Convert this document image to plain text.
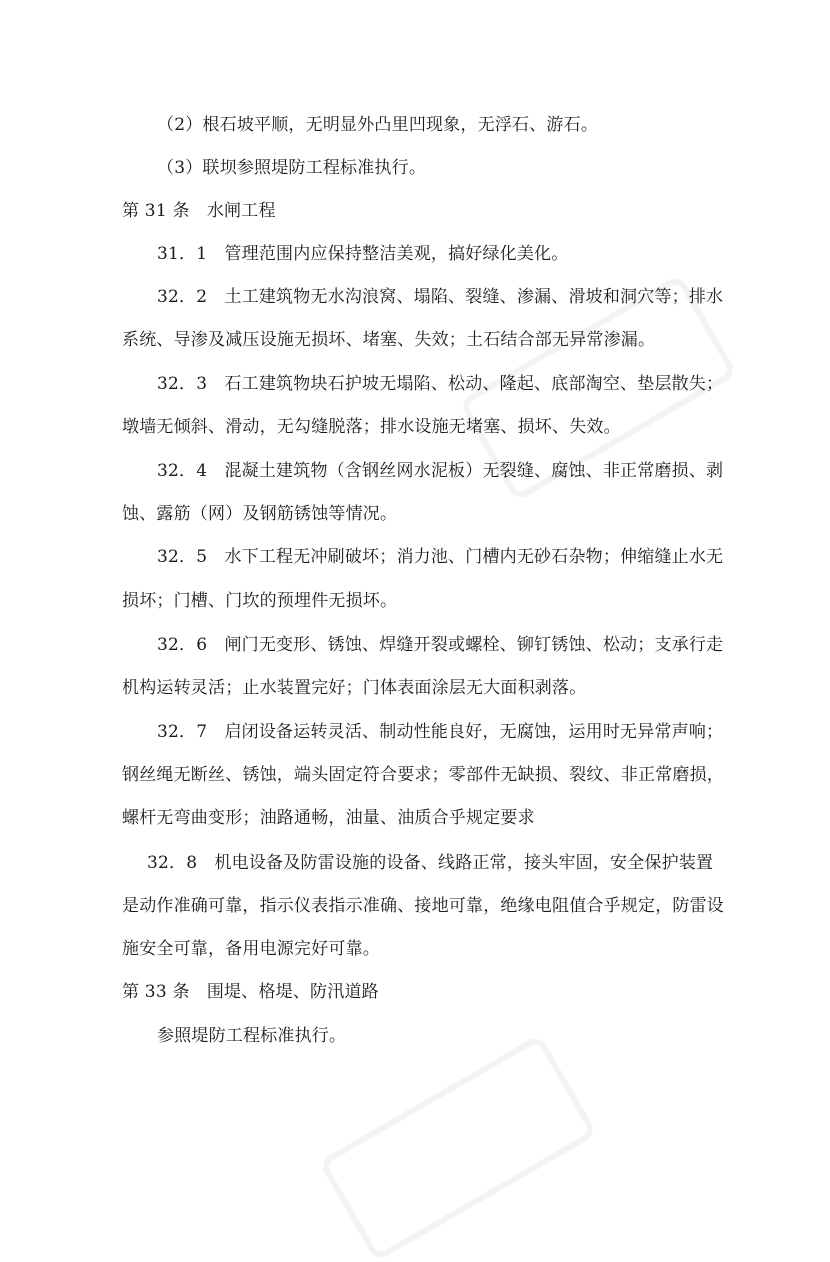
（2）根石坡平顺，无明显外凸里凹现象，无浮石、游石。
（3）联坝参照堤防工程标准执行。
第 31 条　水闸工程
31．1　管理范围内应保持整洁美观，搞好绿化美化。
32．2　土工建筑物无水沟浪窝、塌陷、裂缝、渗漏、滑坡和洞穴等；排水
系统、导渗及减压设施无损坏、堵塞、失效；土石结合部无异常渗漏。
32．3　石工建筑物块石护坡无塌陷、松动、隆起、底部淘空、垫层散失；
墩墙无倾斜、滑动，无勾缝脱落；排水设施无堵塞、损坏、失效。
32．4　混凝土建筑物（含钢丝网水泥板）无裂缝、腐蚀、非正常磨损、剥
蚀、露筋（网）及钢筋锈蚀等情况。
32．5　水下工程无冲刷破坏；消力池、门槽内无砂石杂物；伸缩缝止水无
损坏；门槽、门坎的预埋件无损坏。
32．6　闸门无变形、锈蚀、焊缝开裂或螺栓、铆钉锈蚀、松动；支承行走
机构运转灵活；止水装置完好；门体表面涂层无大面积剥落。
32．7　启闭设备运转灵活、制动性能良好，无腐蚀，运用时无异常声响；
钢丝绳无断丝、锈蚀，端头固定符合要求；零部件无缺损、裂纹、非正常磨损，
螺杆无弯曲变形；油路通畅，油量、油质合乎规定要求
32．8　机电设备及防雷设施的设备、线路正常，接头牢固，安全保护装置
是动作准确可靠，指示仪表指示准确、接地可靠，绝缘电阻值合乎规定，防雷设
施安全可靠，备用电源完好可靠。
第 33 条　围堤、格堤、防汛道路
参照堤防工程标准执行。
